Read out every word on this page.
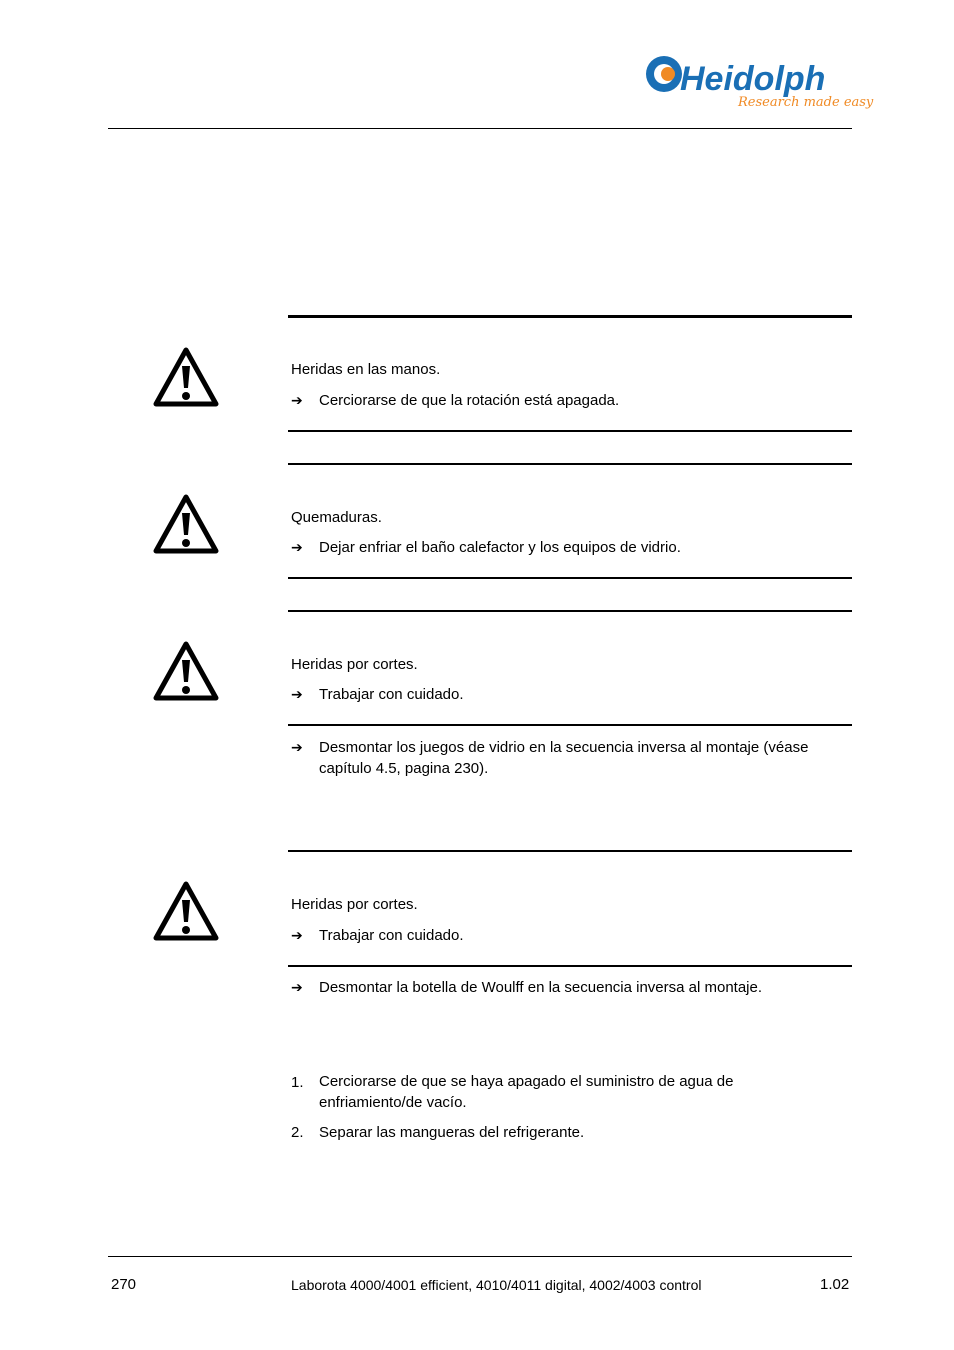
Heidolph
Research made easy
Heridas en las manos.
➔ Cerciorarse de que la rotación está apagada.
Quemaduras.
➔ Dejar enfriar el baño calefactor y los equipos de vidrio.
Heridas por cortes.
➔ Trabajar con cuidado.
➔ Desmontar los juegos de vidrio en la secuencia inversa al montaje (véase capítulo 4.5, pagina 230).
Heridas por cortes.
➔ Trabajar con cuidado.
➔ Desmontar la botella de Woulff en la secuencia inversa al montaje.
1. Cerciorarse de que se haya apagado el suministro de agua de enfriamiento/de vacío.
2. Separar las mangueras del refrigerante.
270	Laborota 4000/4001 efficient, 4010/4011 digital, 4002/4003 control	1.02
